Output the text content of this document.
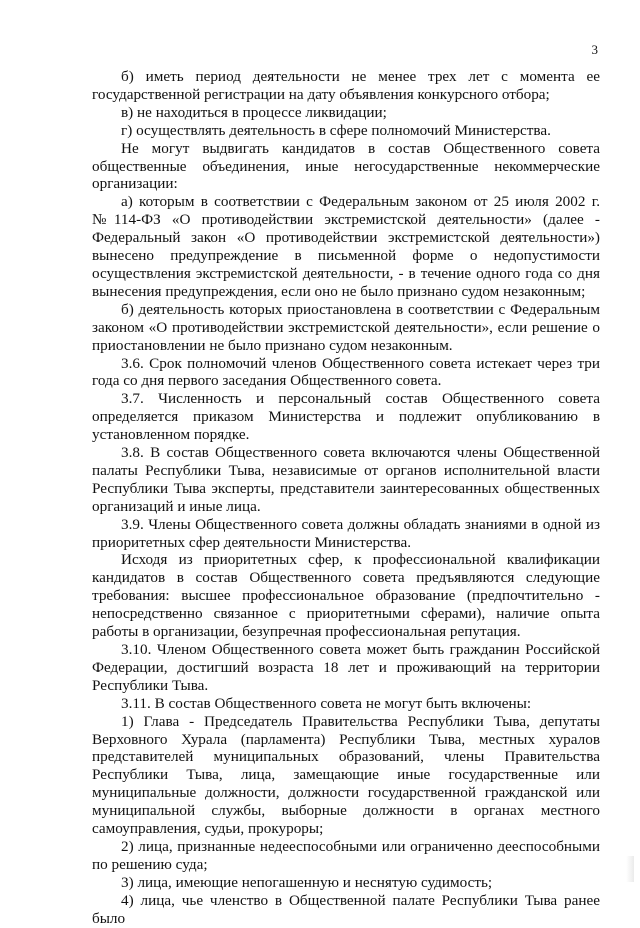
3

б) иметь период деятельности не менее трех лет с момента ее государственной регистрации на дату объявления конкурсного отбора;

в) не находиться в процессе ликвидации;

г) осуществлять деятельность в сфере полномочий Министерства.

Не могут выдвигать кандидатов в состав Общественного совета общественные объединения, иные негосударственные некоммерческие организации:

а) которым в соответствии с Федеральным законом от 25 июля 2002 г. №114-ФЗ «О противодействии экстремистской деятельности» (далее - Федеральный закон «О противодействии экстремистской деятельности») вынесено предупреждение в письменной форме о недопустимости осуществления экстремистской деятельности, - в течение одного года со дня вынесения предупреждения, если оно не было признано судом незаконным;

б) деятельность которых приостановлена в соответствии с Федеральным законом «О противодействии экстремистской деятельности», если решение о приостановлении не было признано судом незаконным.

3.6. Срок полномочий членов Общественного совета истекает через три года со дня первого заседания Общественного совета.

3.7. Численность и персональный состав Общественного совета определяется приказом Министерства и подлежит опубликованию в установленном порядке.

3.8. В состав Общественного совета включаются члены Общественной палаты Республики Тыва, независимые от органов исполнительной власти Республики Тыва эксперты, представители заинтересованных общественных организаций и иные лица.

3.9. Члены Общественного совета должны обладать знаниями в одной из приоритетных сфер деятельности Министерства.

Исходя из приоритетных сфер, к профессиональной квалификации кандидатов в состав Общественного совета предъявляются следующие требования: высшее профессиональное образование (предпочтительно - непосредственно связанное с приоритетными сферами), наличие опыта работы в организации, безупречная профессиональная репутация.

3.10. Членом Общественного совета может быть гражданин Российской Федерации, достигший возраста 18 лет и проживающий на территории Республики Тыва.

3.11. В состав Общественного совета не могут быть включены:

1) Глава - Председатель Правительства Республики Тыва, депутаты Верховного Хурала (парламента) Республики Тыва, местных хуралов представителей муниципальных образований, члены Правительства Республики Тыва, лица, замещающие иные государственные или муниципальные должности, должности государственной гражданской или муниципальной службы, выборные должности в органах местного самоуправления, судьи, прокуроры;

2) лица, признанные недееспособными или ограниченно дееспособными по решению суда;

3) лица, имеющие непогашенную и неснятую судимость;

4) лица, чье членство в Общественной палате Республики Тыва ранее было
